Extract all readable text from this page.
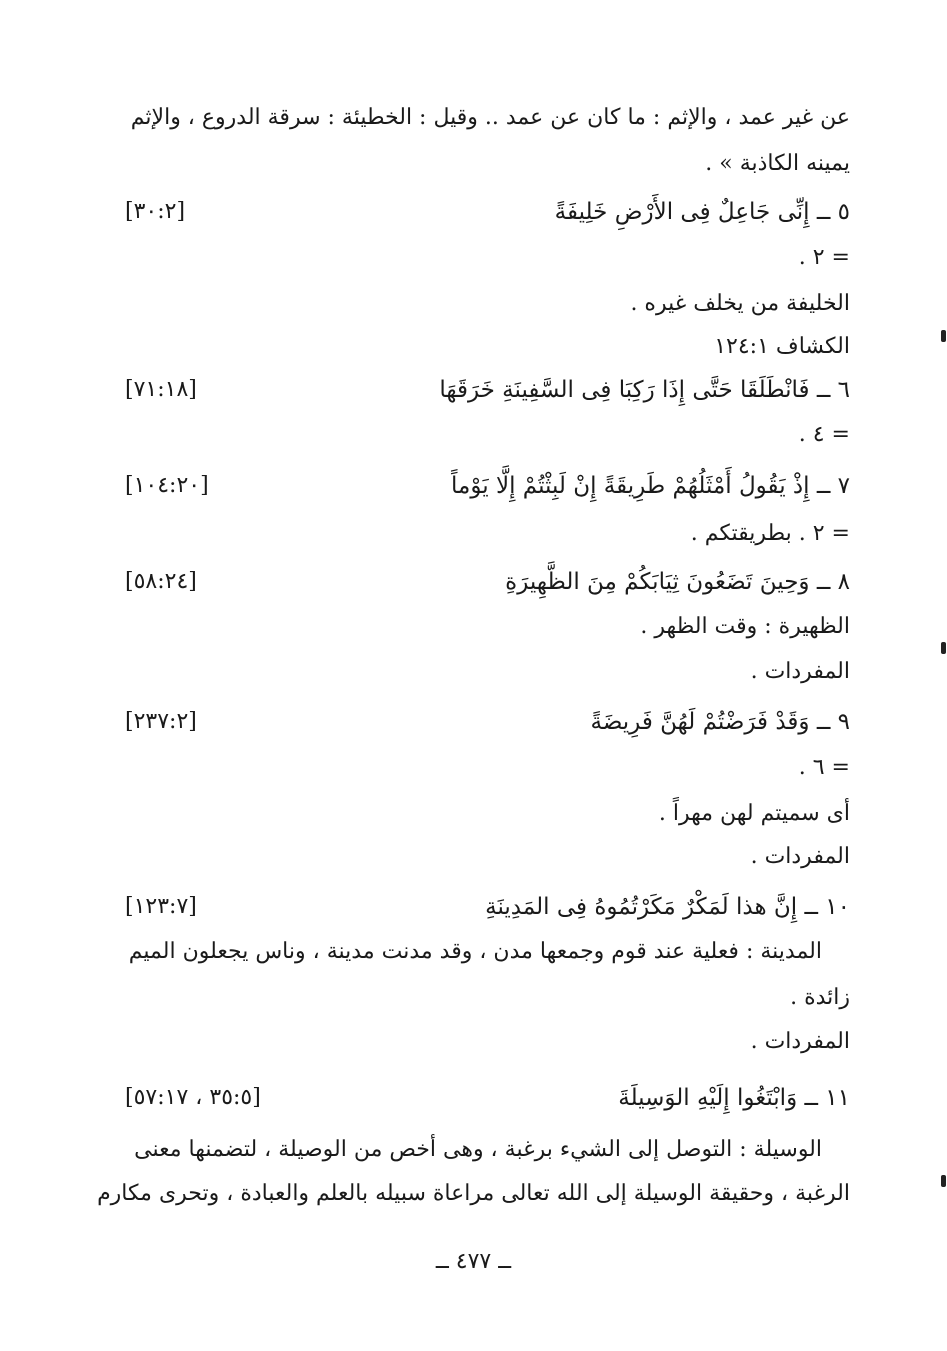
عن غير عمد ، والإثم : ما كان عن عمد .. وقيل : الخطيئة : سرقة الدروع ، والإثم
يمينه الكاذبة » .
٥ ــ إِنِّى جَاعِلٌ فِى الأَرْضِ خَلِيفَةً
[٣٠:٢]
= ٢ .
الخليفة من يخلف غيره .
الكشاف ١٢٤:١
٦ ــ فَانْطَلَقَا حَتَّى إِذَا رَكِبَا فِى السَّفِينَةِ خَرَقَهَا
[٧١:١٨]
= ٤ .
٧ ــ إِذْ يَقُولُ أَمْثَلُهُمْ طَرِيقَةً إِنْ لَبِثْتُمْ إِلَّا يَوْماً
[١٠٤:٢٠]
= ٢ . بطريقتكم .
٨ ــ وَحِينَ تَضَعُونَ ثِيَابَكُمْ مِنَ الظَّهِيرَةِ
[٥٨:٢٤]
الظهيرة : وقت الظهر .
المفردات .
٩ ــ وَقَدْ فَرَضْتُمْ لَهُنَّ فَرِيضَةً
[٢٣٧:٢]
= ٦ .
أى سميتم لهن مهراً .
المفردات .
١٠ ــ إِنَّ هذا لَمَكْرٌ مَكَرْتُمُوهُ فِى المَدِينَةِ
[١٢٣:٧]
المدينة : فعلية عند قوم وجمعها مدن ، وقد مدنت مدينة ، وناس يجعلون الميم
زائدة .
المفردات .
١١ ــ وَابْتَغُوا إِلَيْهِ الوَسِيلَةَ
[٣٥:٥ ، ٥٧:١٧]
الوسيلة : التوصل إلى الشيء برغبة ، وهى أخص من الوصيلة ، لتضمنها معنى
الرغبة ، وحقيقة الوسيلة إلى الله تعالى مراعاة سبيله بالعلم والعبادة ، وتحرى مكارم
ــ ٤٧٧ ــ
